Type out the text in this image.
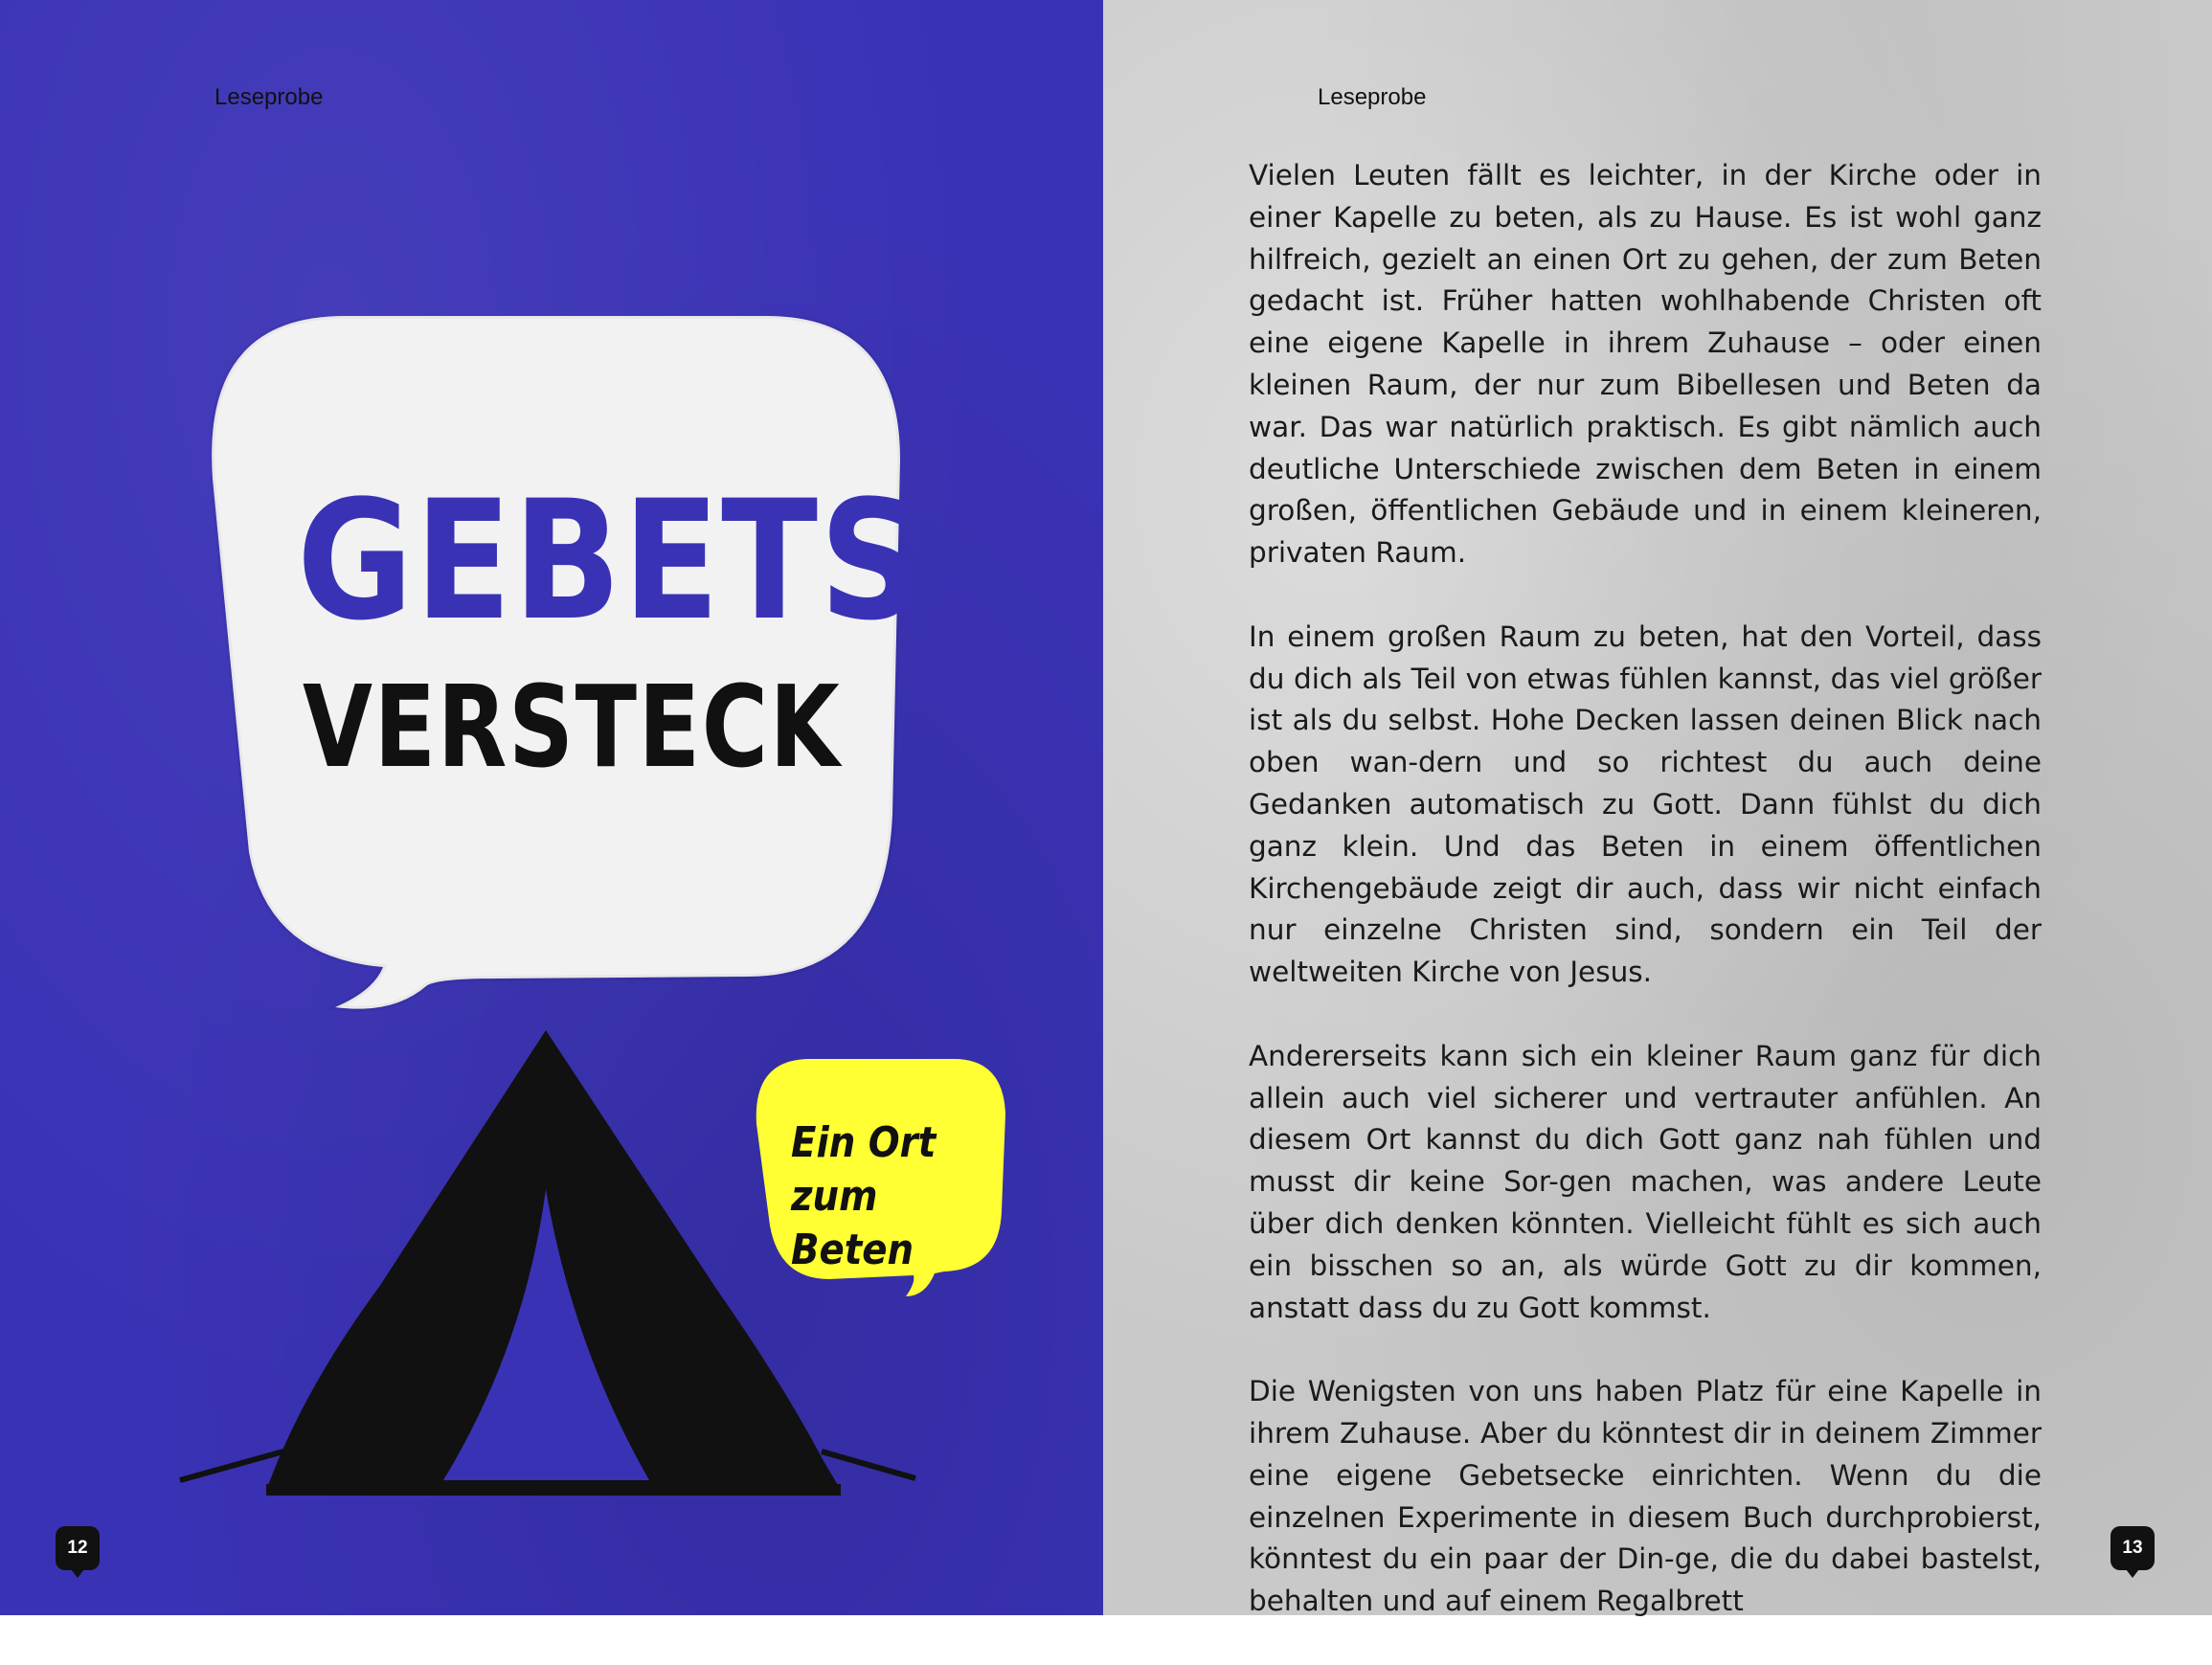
Leseprobe
GEBETS
VERSTECK
Ein Ort
zum Beten
12
Leseprobe

Vielen Leuten fällt es leichter, in der Kirche oder in einer Kapelle zu beten, als zu Hause. Es ist wohl ganz hilfreich, gezielt an einen Ort zu gehen, der zum Beten gedacht ist. Früher hatten wohlhabende Christen oft eine eigene Kapelle in ihrem Zuhause – oder einen kleinen Raum, der nur zum Bibellesen und Beten da war. Das war natürlich praktisch. Es gibt nämlich auch deutliche Unterschiede zwischen dem Beten in einem großen, öffentlichen Gebäude und in einem kleineren, privaten Raum.

In einem großen Raum zu beten, hat den Vorteil, dass du dich als Teil von etwas fühlen kannst, das viel größer ist als du selbst. Hohe Decken lassen deinen Blick nach oben wan-dern und so richtest du auch deine Gedanken automatisch zu Gott. Dann fühlst du dich ganz klein. Und das Beten in einem öffentlichen Kirchengebäude zeigt dir auch, dass wir nicht einfach nur einzelne Christen sind, sondern ein Teil der weltweiten Kirche von Jesus.

Andererseits kann sich ein kleiner Raum ganz für dich allein auch viel sicherer und vertrauter anfühlen. An diesem Ort kannst du dich Gott ganz nah fühlen und musst dir keine Sor-gen machen, was andere Leute über dich denken könnten. Vielleicht fühlt es sich auch ein bisschen so an, als würde Gott zu dir kommen, anstatt dass du zu Gott kommst.

Die Wenigsten von uns haben Platz für eine Kapelle in ihrem Zuhause. Aber du könntest dir in deinem Zimmer eine eigene Gebetsecke einrichten. Wenn du die einzelnen Experimente in diesem Buch durchprobierst, könntest du ein paar der Din-ge, die du dabei bastelst, behalten und auf einem Regalbrett

13
